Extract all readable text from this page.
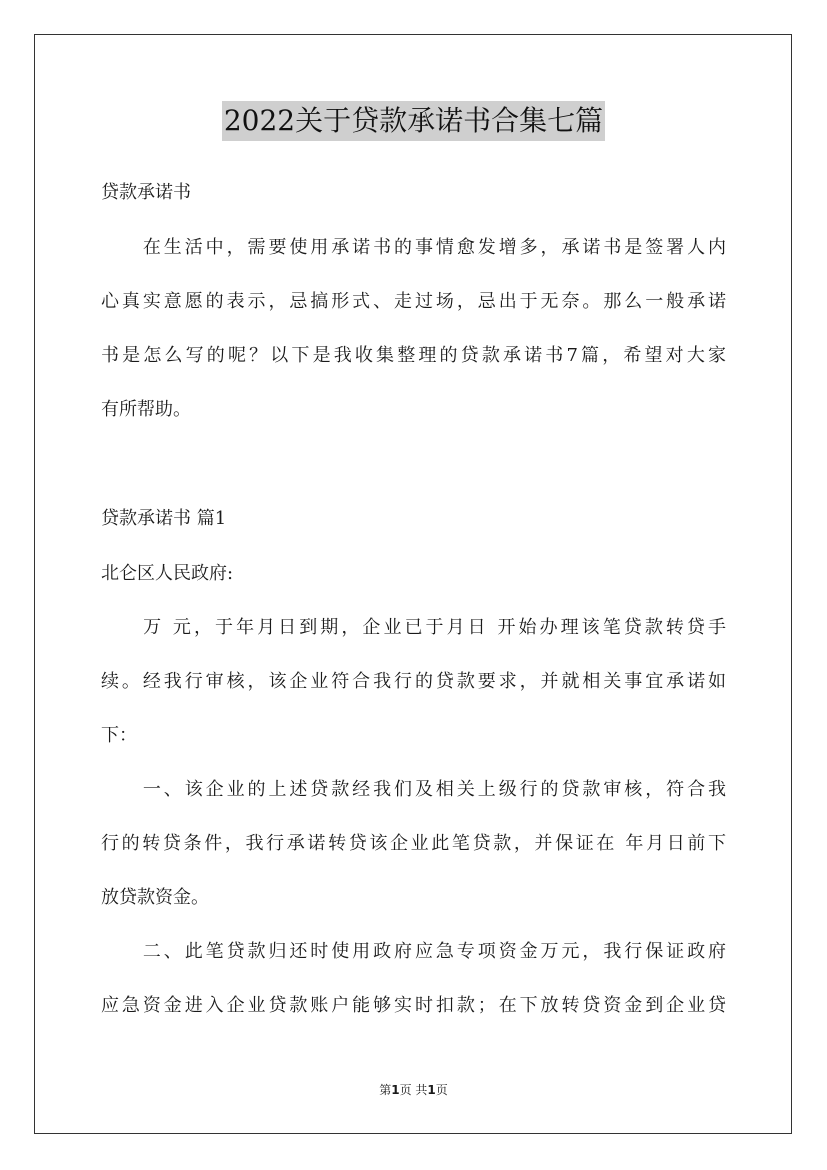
2022关于贷款承诺书合集七篇
贷款承诺书
　　在生活中，需要使用承诺书的事情愈发增多，承诺书是签署人内
心真实意愿的表示，忌搞形式、走过场，忌出于无奈。那么一般承诺
书是怎么写的呢？以下是我收集整理的贷款承诺书7篇，希望对大家
有所帮助。
贷款承诺书 篇1
北仑区人民政府:
　　万 元，于年月日到期，企业已于月日 开始办理该笔贷款转贷手
续。经我行审核，该企业符合我行的贷款要求，并就相关事宜承诺如
下：
　　一、该企业的上述贷款经我们及相关上级行的贷款审核，符合我
行的转贷条件，我行承诺转贷该企业此笔贷款，并保证在 年月日前下
放贷款资金。
　　二、此笔贷款归还时使用政府应急专项资金万元，我行保证政府
应急资金进入企业贷款账户能够实时扣款；在下放转贷资金到企业贷
第1页 共1页
